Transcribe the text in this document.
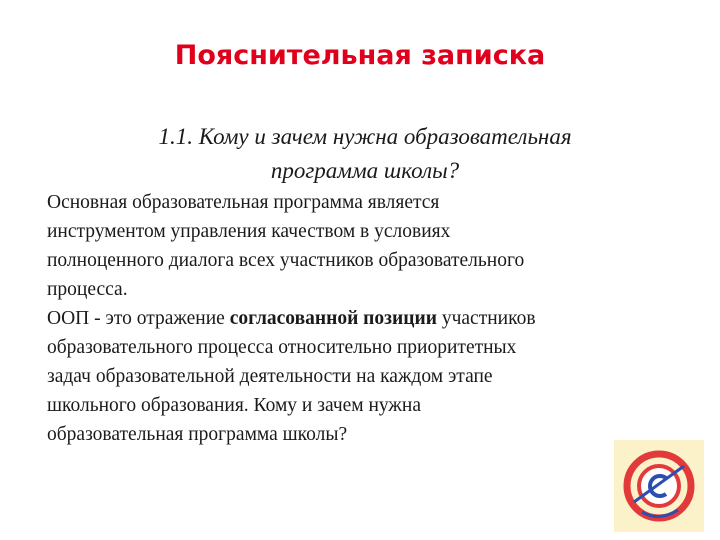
Пояснительная записка
1.1. Кому и зачем нужна образовательная
программа школы?

Основная образовательная программа является
инструментом управления качеством в условиях
полноценного диалога всех участников образовательного
процесса.

ООП - это отражение согласованной позиции участников
образовательного процесса относительно приоритетных
задач образовательной деятельности на каждом этапе
школьного образования. Кому и зачем нужна
образовательная программа школы?
